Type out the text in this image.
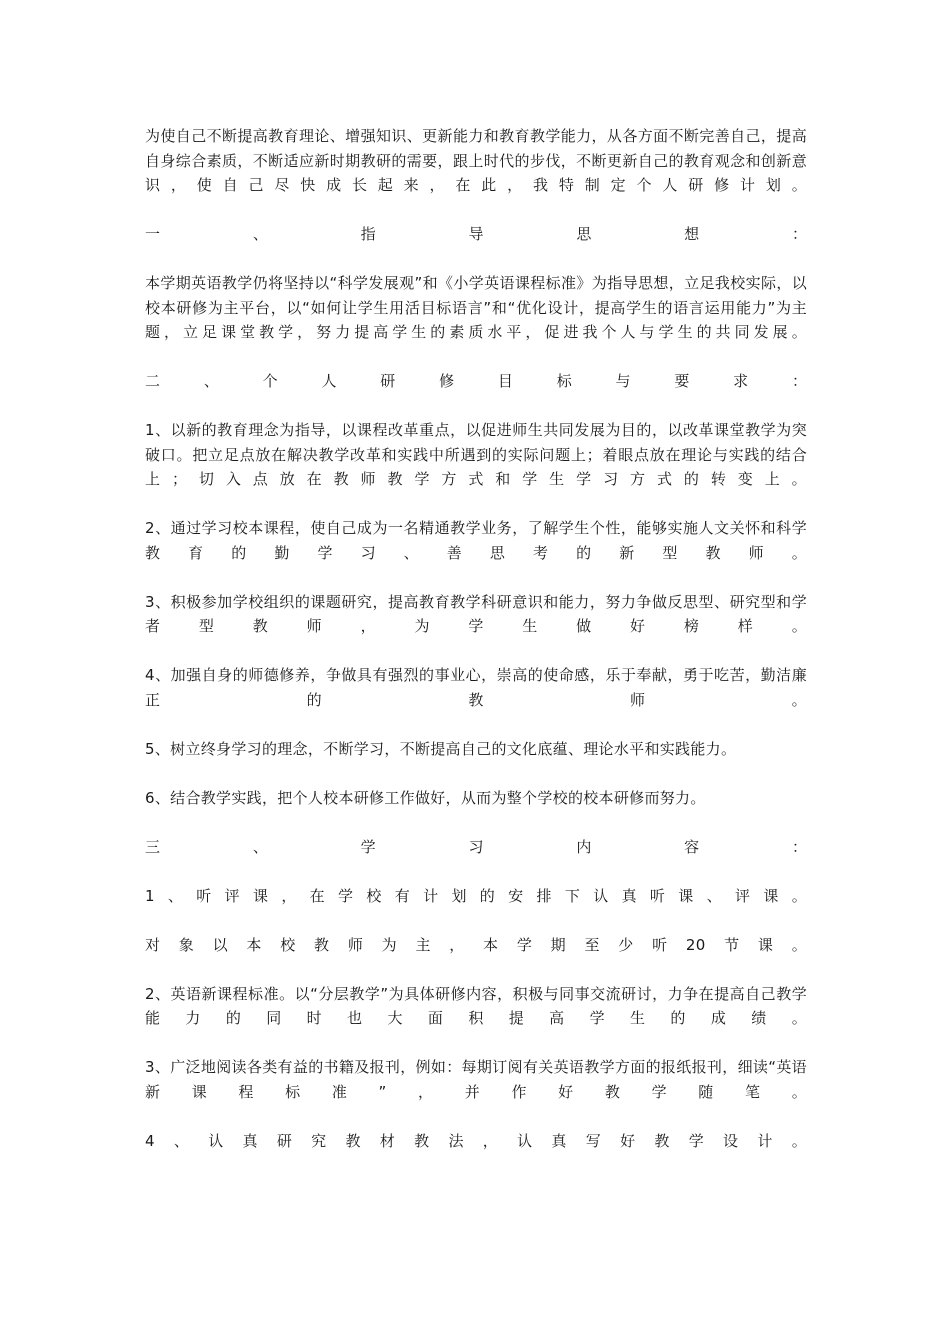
为使自己不断提高教育理论、增强知识、更新能力和教育教学能力，从各方面不断完善自己，提高自身综合素质，不断适应新时期教研的需要，跟上时代的步伐，不断更新自己的教育观念和创新意识，使自己尽快成长起来，在此，我特制定个人研修计划。

一	、	指	导	思	想	：

本学期英语教学仍将坚持以“科学发展观”和《小学英语课程标准》为指导思想，立足我校实际，以校本研修为主平台，以“如何让学生用活目标语言”和“优化设计，提高学生的语言运用能力”为主题，立足课堂教学，努力提高学生的素质水平，促进我个人与学生的共同发展。

二	、	个	人	研	修	目	标	与	要	求	：

1、以新的教育理念为指导，以课程改革重点，以促进师生共同发展为目的，以改革课堂教学为突破口。把立足点放在解决教学改革和实践中所遇到的实际问题上；着眼点放在理论与实践的结合上；切入点放在教师教学方式和学生学习方式的转变上。

2、通过学习校本课程，使自己成为一名精通教学业务，了解学生个性，能够实施人文关怀和科学教育的勤学习、善思考的新型教师。

3、积极参加学校组织的课题研究，提高教育教学科研意识和能力，努力争做反思型、研究型和学者型教师，为学生做好榜样。

4、加强自身的师德修养，争做具有强烈的事业心，崇高的使命感，乐于奉献，勇于吃苦，勤洁廉正的教师。

5、树立终身学习的理念，不断学习，不断提高自己的文化底蕴、理论水平和实践能力。

6、结合教学实践，把个人校本研修工作做好，从而为整个学校的校本研修而努力。

三	、	学	习	内	容	：

1、听评课，在学校有计划的安排下认真听课、评课。

对象以本校教师为主，本学期至少听20节课。

2、英语新课程标准。以“分层教学”为具体研修内容，积极与同事交流研讨，力争在提高自己教学能力的同时也大面积提高学生的成绩。

3、广泛地阅读各类有益的书籍及报刊，例如：每期订阅有关英语教学方面的报纸报刊，细读“英语新课程标准”，并作好教学随笔。

4、认真研究教材教法，认真写好教学设计。
